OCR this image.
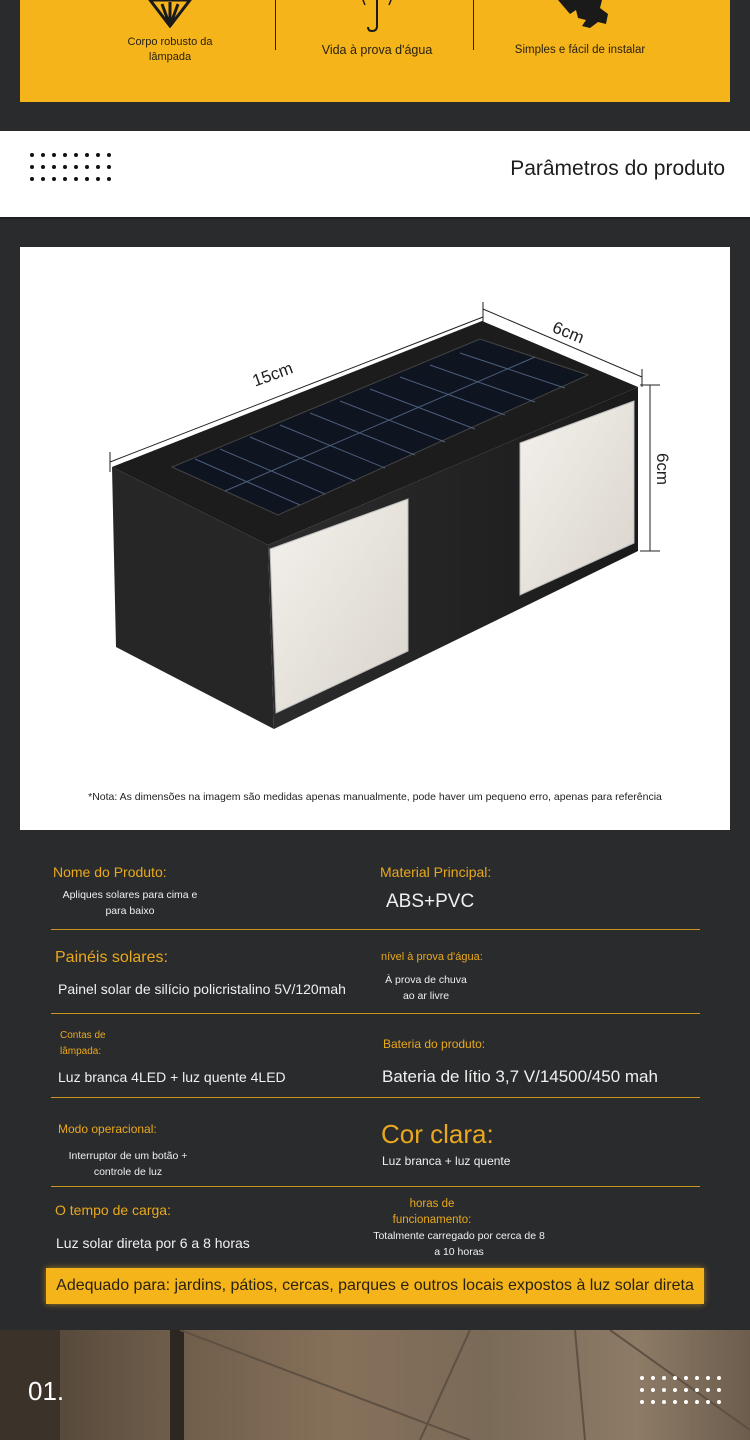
Corpo robusto da lâmpada	Vida à prova d'água	Simples e fácil de instalar
Parâmetros do produto
15cm
6cm
6cm
*Nota: As dimensões na imagem são medidas apenas manualmente, pode haver um pequeno erro, apenas para referência
Nome do Produto:
Apliques solares para cima e para baixo
Material Principal:
ABS+PVC
Painéis solares:
Painel solar de silício policristalino 5V/120mah
nível à prova d'água:
À prova de chuva ao ar livre
Contas de lâmpada:
Luz branca 4LED + luz quente 4LED
Bateria do produto:
Bateria de lítio 3,7 V/14500/450 mah
Modo operacional:
Interruptor de um botão + controle de luz
Cor clara:
Luz branca + luz quente
O tempo de carga:
Luz solar direta por 6 a 8 horas
horas de funcionamento:
Totalmente carregado por cerca de 8 a 10 horas
Adequado para: jardins, pátios, cercas, parques e outros locais expostos à luz solar direta
01.
